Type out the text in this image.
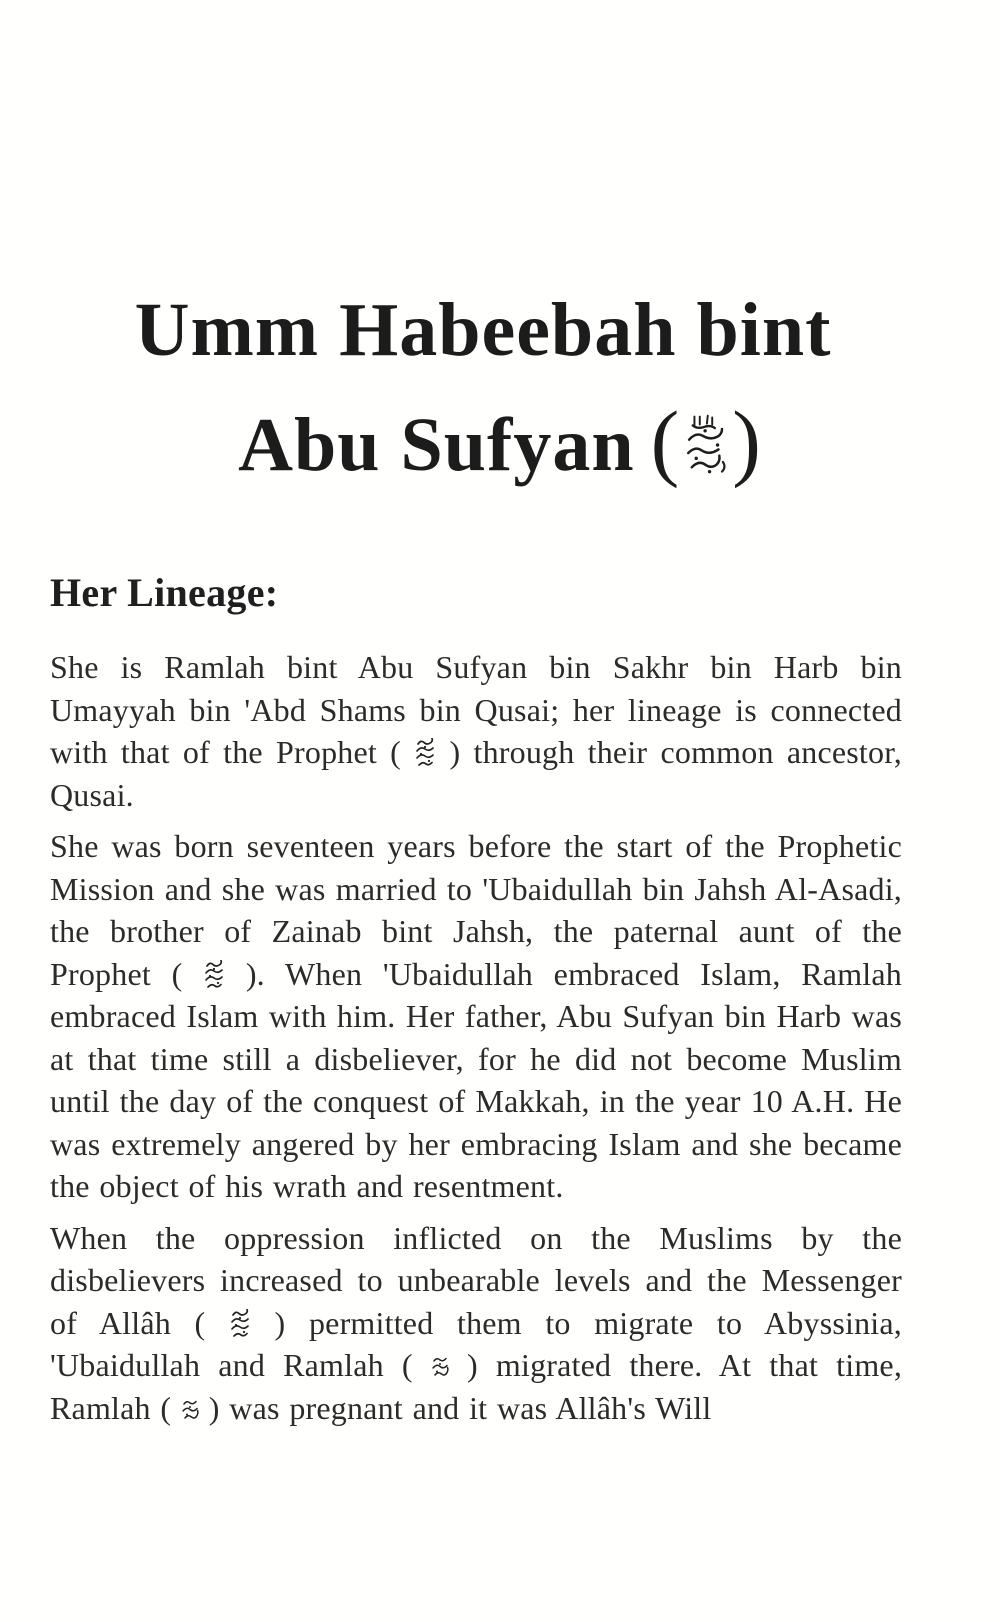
Umm Habeebah bint
Abu Sufyan ( )
Her Lineage:

She is Ramlah bint Abu Sufyan bin Sakhr bin Harb bin Umayyah bin 'Abd Shams bin Qusai; her lineage is connected with that of the Prophet ( ) through their common ancestor, Qusai.

She was born seventeen years before the start of the Prophetic Mission and she was married to 'Ubaidullah bin Jahsh Al-Asadi, the brother of Zainab bint Jahsh, the paternal aunt of the Prophet ( ). When 'Ubaidullah embraced Islam, Ramlah embraced Islam with him. Her father, Abu Sufyan bin Harb was at that time still a disbeliever, for he did not become Muslim until the day of the conquest of Makkah, in the year 10 A.H. He was extremely angered by her embracing Islam and she became the object of his wrath and resentment.

When the oppression inflicted on the Muslims by the disbelievers increased to unbearable levels and the Messenger of Allâh ( ) permitted them to migrate to Abyssinia, 'Ubaidullah and Ramlah ( ) migrated there. At that time, Ramlah ( ) was pregnant and it was Allâh's Will
